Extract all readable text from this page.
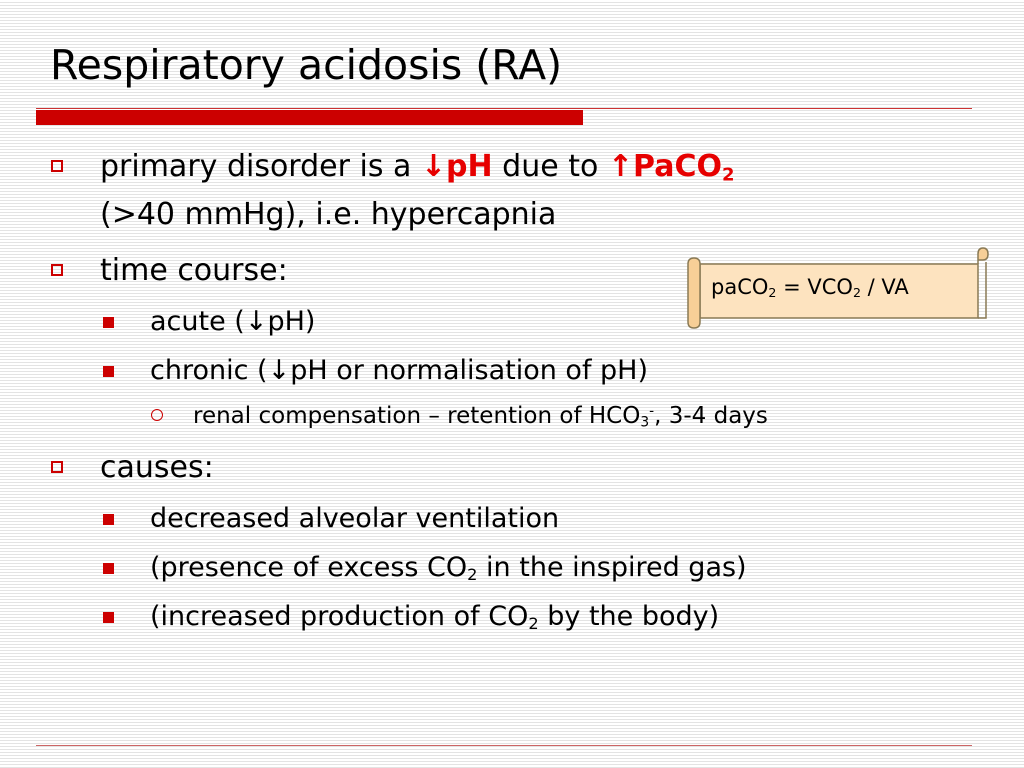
Respiratory acidosis (RA)
primary disorder is a ↓pH due to ↑PaCO$_2$
(>40 mmHg), i.e. hypercapnia
time course:
acute (↓pH)
chronic (↓pH or normalisation of pH)
renal compensation – retention of $HCO_3^-$, 3-4 days
causes:
decreased alveolar ventilation
(presence of excess $CO_2$ in the inspired gas)
(increased production of $CO_2$ by the body)
paCO$_2$ = $VCO_2$ / VA
